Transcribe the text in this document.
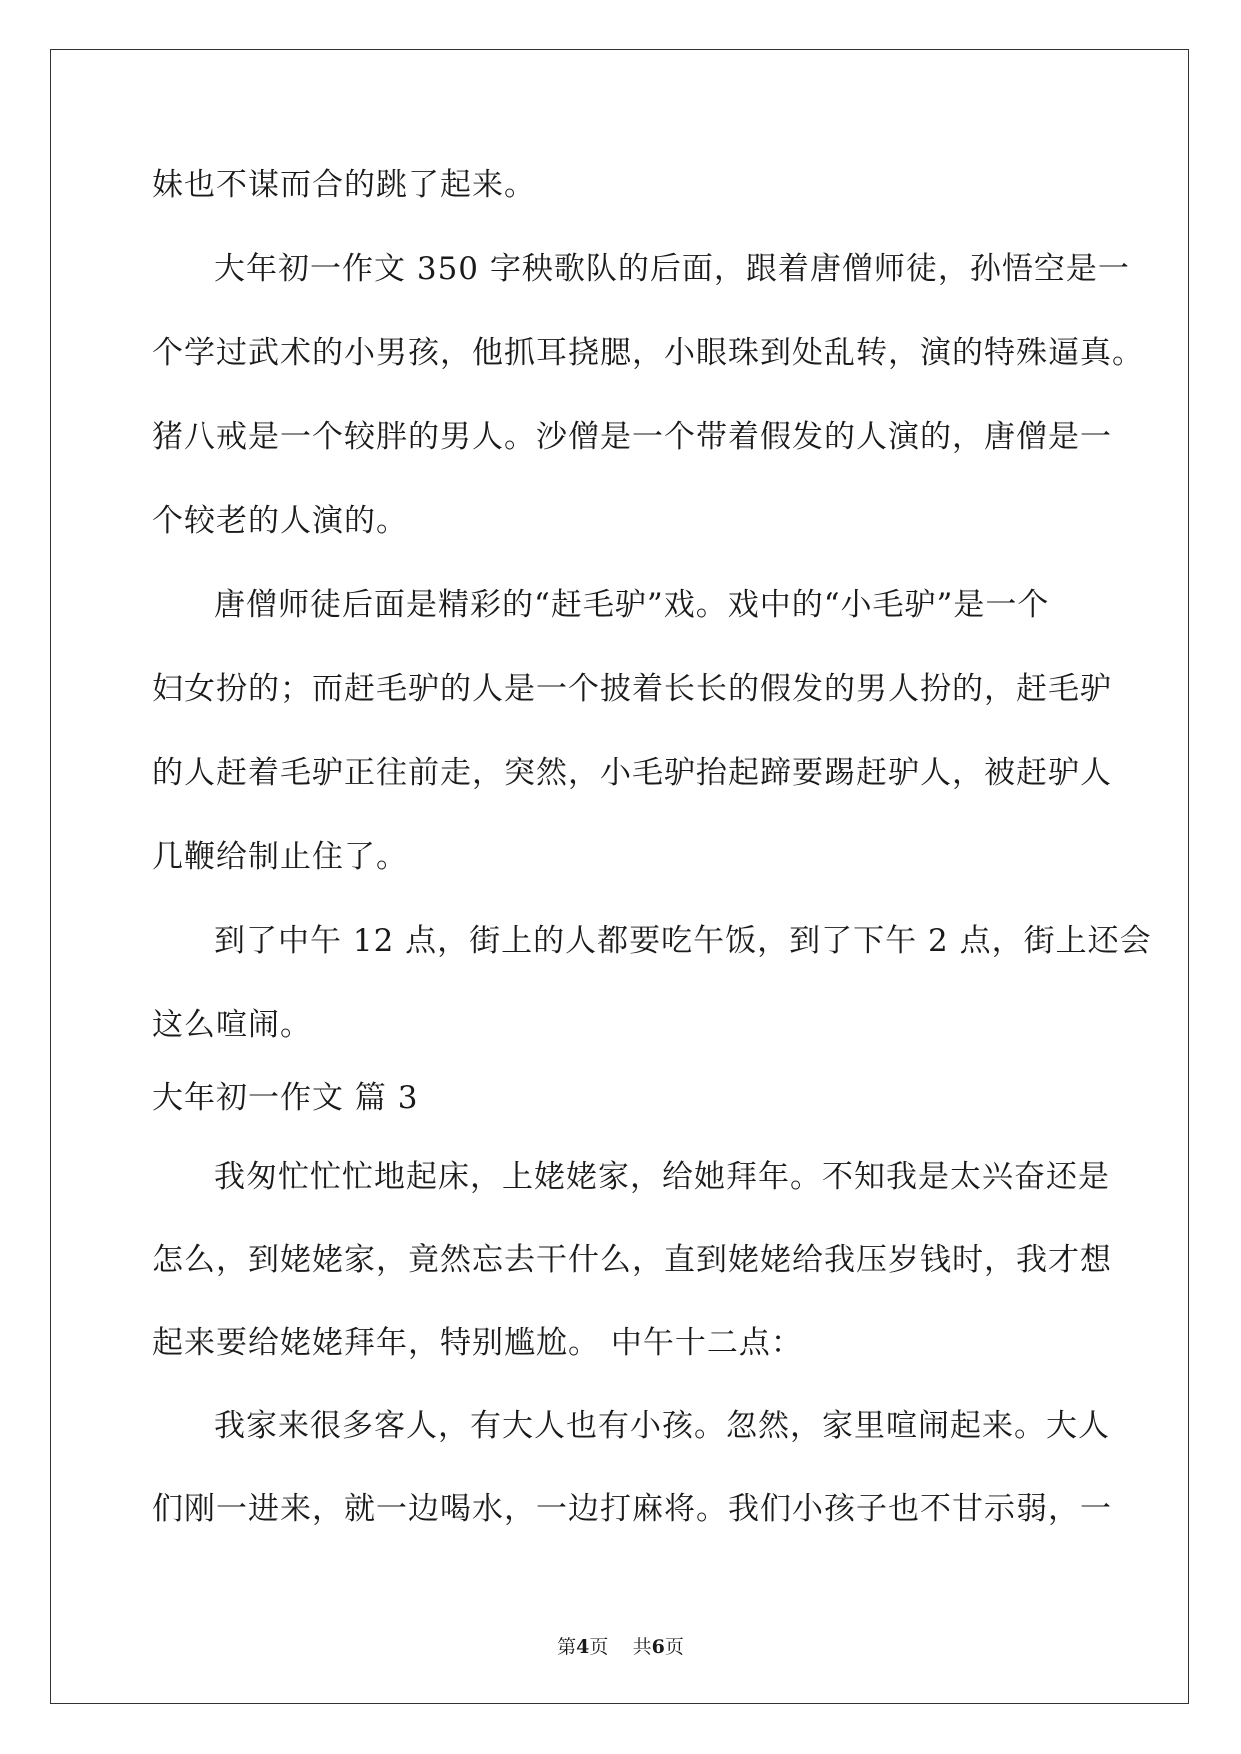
妹也不谋而合的跳了起来。
大年初一作文 350 字秧歌队的后面，跟着唐僧师徒，孙悟空是一
个学过武术的小男孩，他抓耳挠腮，小眼珠到处乱转，演的特殊逼真。
猪八戒是一个较胖的男人。沙僧是一个带着假发的人演的，唐僧是一
个较老的人演的。
唐僧师徒后面是精彩的“赶毛驴”戏。戏中的“小毛驴”是一个
妇女扮的；而赶毛驴的人是一个披着长长的假发的男人扮的，赶毛驴
的人赶着毛驴正往前走，突然，小毛驴抬起蹄要踢赶驴人，被赶驴人
几鞭给制止住了。
到了中午 12 点，街上的人都要吃午饭，到了下午 2 点，街上还会
这么喧闹。
大年初一作文 篇 3
我匆忙忙忙地起床，上姥姥家，给她拜年。不知我是太兴奋还是
怎么，到姥姥家，竟然忘去干什么，直到姥姥给我压岁钱时，我才想
起来要给姥姥拜年，特别尴尬。 中午十二点：
我家来很多客人，有大人也有小孩。忽然，家里喧闹起来。大人
们刚一进来，就一边喝水，一边打麻将。我们小孩子也不甘示弱，一
第4页    共6页
